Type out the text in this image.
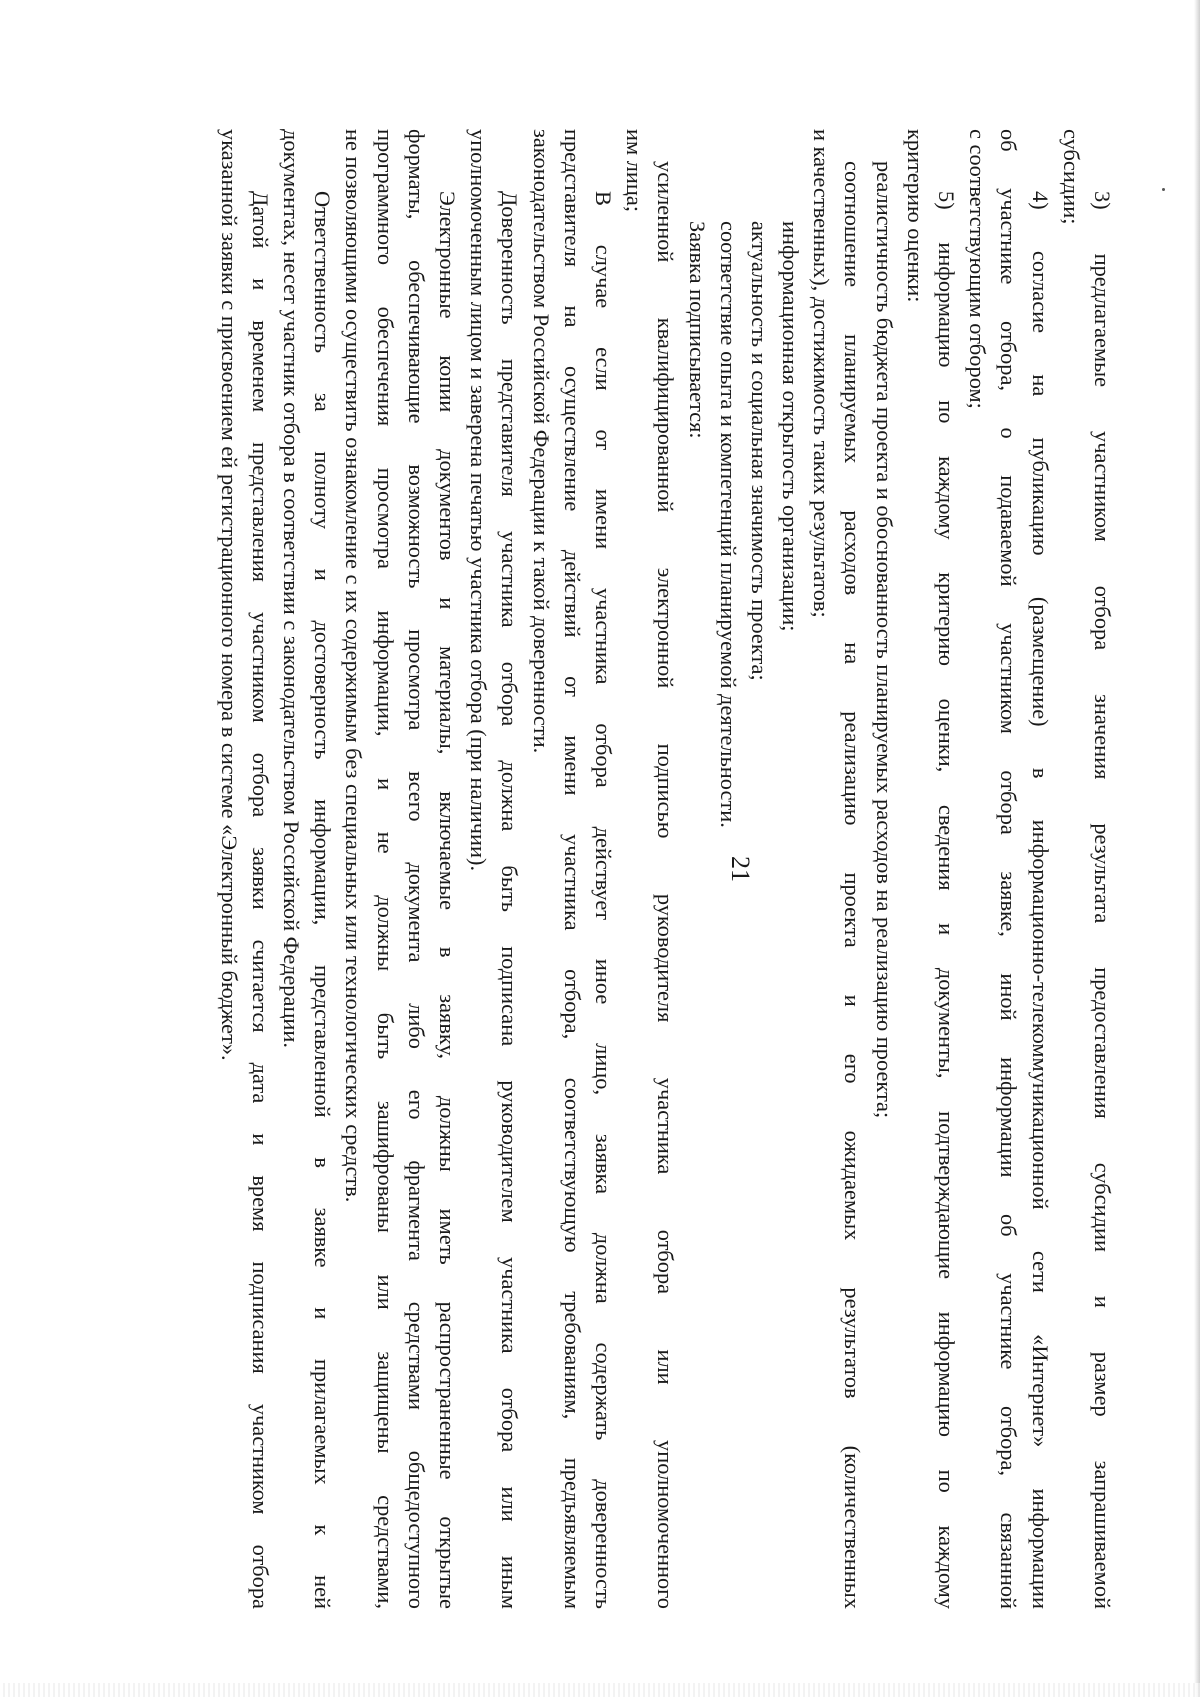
21	3) предлагаемые участником отбора значения результата предоставления субсидии и размер запрашиваемой
субсидии;
4) согласие на публикацию (размещение) в информационно-телекоммуникационной сети «Интернет» информации
об участнике отбора, о подаваемой участником отбора заявке, иной информации об участнике отбора, связанной
с соответствующим отбором;
5) информацию по каждому критерию оценки, сведения и документы, подтверждающие информацию по каждому
критерию оценки:
реалистичность бюджета проекта и обоснованность планируемых расходов на реализацию проекта;
соотношение планируемых расходов на реализацию проекта и его ожидаемых результатов (количественных
и качественных), достижимость таких результатов;
информационная открытость организации;
актуальность и социальная значимость проекта;
соответствие опыта и компетенций планируемой деятельности.
Заявка подписывается:
усиленной квалифицированной электронной подписью руководителя участника отбора или уполномоченного
им лица;
В случае если от имени участника отбора действует иное лицо, заявка должна содержать доверенность
представителя на осуществление действий от имени участника отбора, соответствующую требованиям, предъявляемым
законодательством Российской Федерации к такой доверенности.
Доверенность представителя участника отбора должна быть подписана руководителем участника отбора или иным
уполномоченным лицом и заверена печатью участника отбора (при наличии).
Электронные копии документов и материалы, включаемые в заявку, должны иметь распространенные открытые
форматы, обеспечивающие возможность просмотра всего документа либо его фрагмента средствами общедоступного
программного обеспечения просмотра информации, и не должны быть зашифрованы или защищены средствами,
не позволяющими осуществить ознакомление с их содержимым без специальных или технологических средств.
Ответственность за полноту и достоверность информации, представленной в заявке и прилагаемых к ней
документах, несет участник отбора в соответствии с законодательством Российской Федерации.
Датой и временем представления участником отбора заявки считается дата и время подписания участником отбора
указанной заявки с присвоением ей регистрационного номера в системе «Электронный бюджет».
